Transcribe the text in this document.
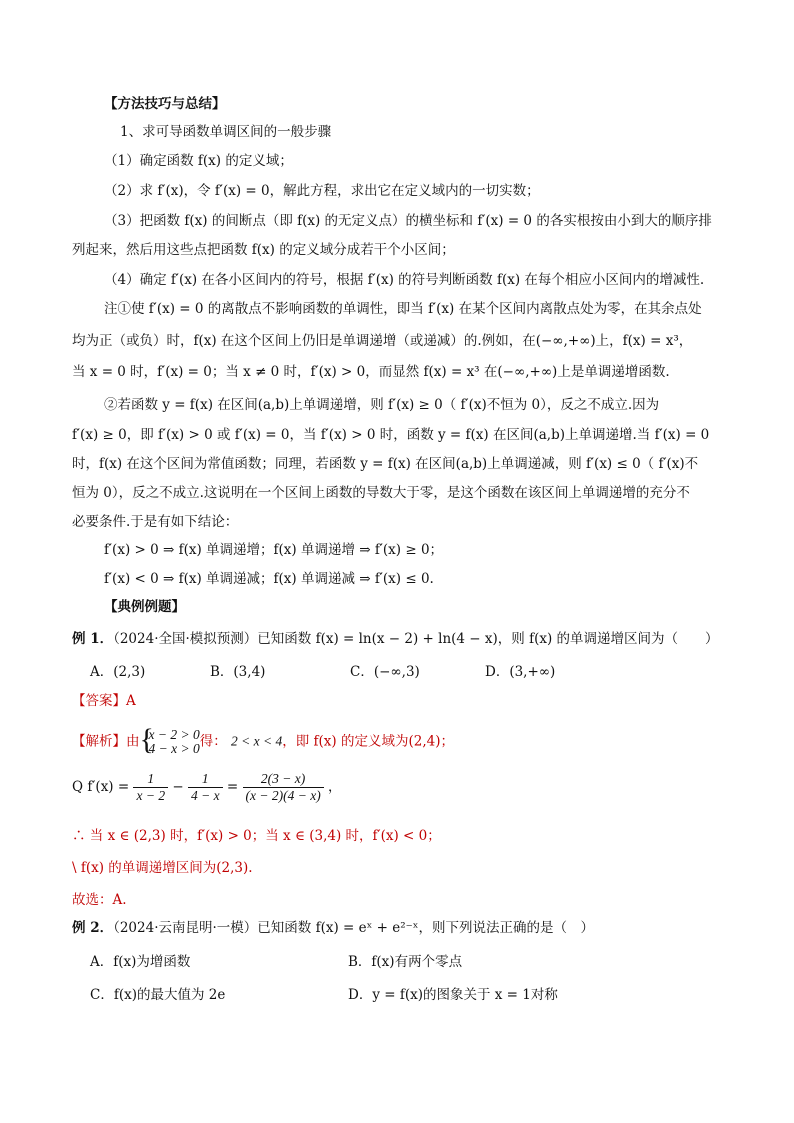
【方法技巧与总结】
1、求可导函数单调区间的一般步骤
（1）确定函数 f(x) 的定义域；
（2）求 f′(x)，令 f′(x) = 0，解此方程，求出它在定义域内的一切实数；
（3）把函数 f(x) 的间断点（即 f(x) 的无定义点）的横坐标和 f′(x) = 0 的各实根按由小到大的顺序排
列起来，然后用这些点把函数 f(x) 的定义域分成若干个小区间；
（4）确定 f′(x) 在各小区间内的符号，根据 f′(x) 的符号判断函数 f(x) 在每个相应小区间内的增减性.
注①使 f′(x) = 0 的离散点不影响函数的单调性，即当 f′(x) 在某个区间内离散点处为零，在其余点处
均为正（或负）时，f(x) 在这个区间上仍旧是单调递增（或递减）的.例如，在(−∞,+∞)上，f(x) = x³，
当 x = 0 时，f′(x) = 0；当 x ≠ 0 时，f′(x) > 0，而显然 f(x) = x³ 在(−∞,+∞)上是单调递增函数.
②若函数 y = f(x) 在区间(a,b)上单调递增，则 f′(x) ≥ 0（ f′(x)不恒为 0），反之不成立.因为
f′(x) ≥ 0，即 f′(x) > 0 或 f′(x) = 0，当 f′(x) > 0 时，函数 y = f(x) 在区间(a,b)上单调递增.当 f′(x) = 0
时，f(x) 在这个区间为常值函数；同理，若函数 y = f(x) 在区间(a,b)上单调递减，则 f′(x) ≤ 0（ f′(x)不
恒为 0），反之不成立.这说明在一个区间上函数的导数大于零，是这个函数在该区间上单调递增的充分不
必要条件.于是有如下结论：
f′(x) > 0 ⇒ f(x) 单调递增；f(x) 单调递增 ⇒ f′(x) ≥ 0；
f′(x) < 0 ⇒ f(x) 单调递减；f(x) 单调递减 ⇒ f′(x) ≤ 0.
【典例例题】
例 1．（2024·全国·模拟预测）已知函数 f(x) = ln(x − 2) + ln(4 − x)，则 f(x) 的单调递增区间为（　　）
A．(2,3)	B．(3,4)	C．(−∞,3)	D．(3,+∞)
【答案】A
【解析】由 {
x − 2 > 0
4 − x > 0 得： 2 < x < 4，即 f(x) 的定义域为(2,4)；
Q $f'(x) = \frac{1}{x - 2} - \frac{1}{4 - x} = \frac{2(3 - x)}{(x - 2)(4 - x)}$ ，
∴ 当 x ∈ (2,3) 时，f′(x) > 0；当 x ∈ (3,4) 时，f′(x) < 0；
\ f(x) 的单调递增区间为(2,3).
故选：A.
例 2．（2024·云南昆明·一模）已知函数 f(x) = eˣ + e²⁻ˣ，则下列说法正确的是（　）
A．f(x)为增函数	B．f(x)有两个零点
C．f(x)的最大值为 2e	D．y = f(x)的图象关于 x = 1对称
